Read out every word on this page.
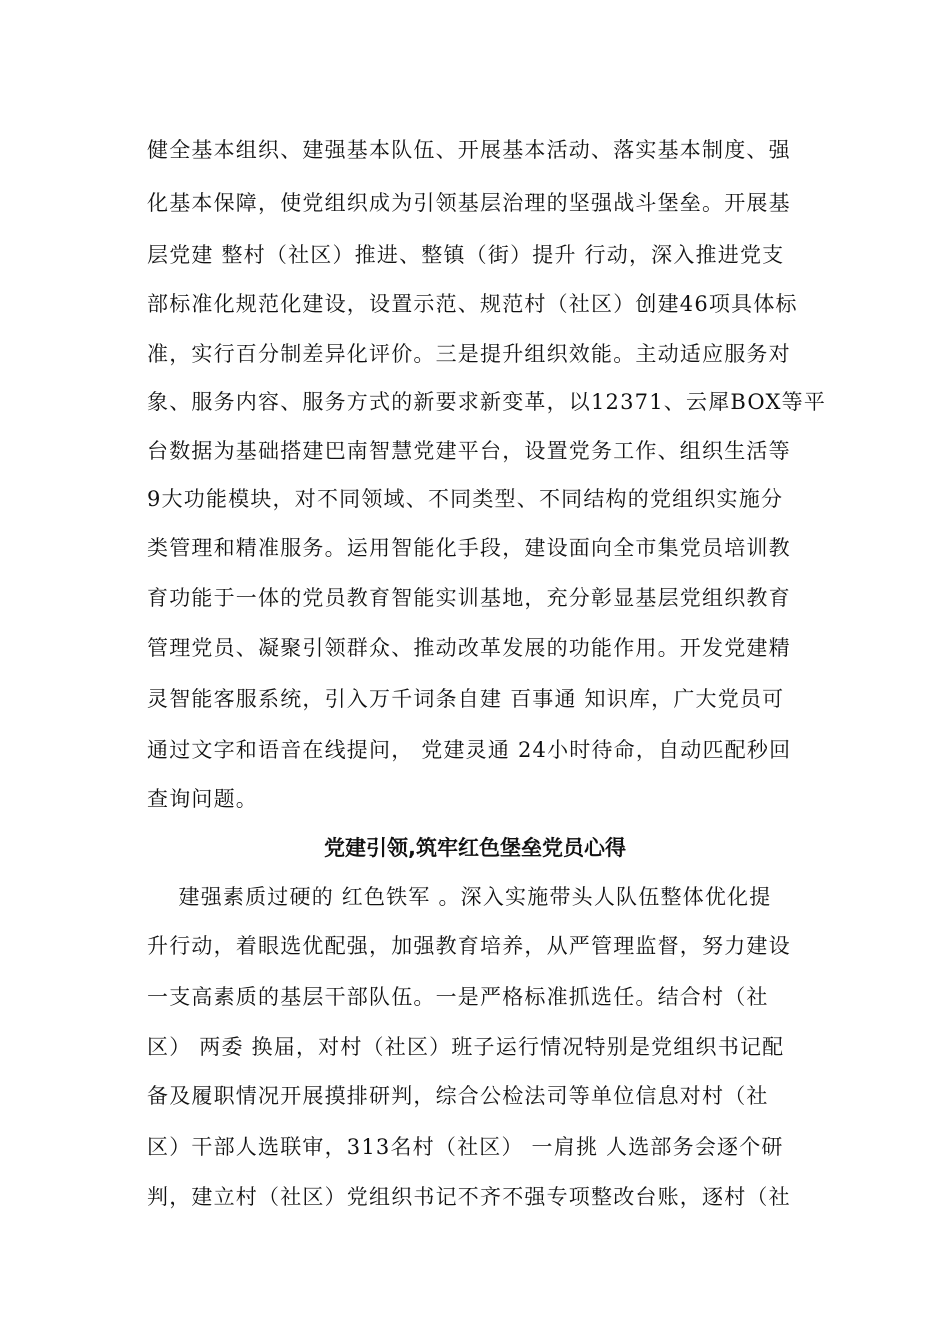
健全基本组织、建强基本队伍、开展基本活动、落实基本制度、强
化基本保障，使党组织成为引领基层治理的坚强战斗堡垒。开展基
层党建 整村（社区）推进、整镇（街）提升 行动，深入推进党支
部标准化规范化建设，设置示范、规范村（社区）创建46项具体标
准，实行百分制差异化评价。三是提升组织效能。主动适应服务对
象、服务内容、服务方式的新要求新变革，以12371、云犀BOX等平
台数据为基础搭建巴南智慧党建平台，设置党务工作、组织生活等
9大功能模块，对不同领域、不同类型、不同结构的党组织实施分
类管理和精准服务。运用智能化手段，建设面向全市集党员培训教
育功能于一体的党员教育智能实训基地，充分彰显基层党组织教育
管理党员、凝聚引领群众、推动改革发展的功能作用。开发党建精
灵智能客服系统，引入万千词条自建 百事通 知识库，广大党员可
通过文字和语音在线提问， 党建灵通 24小时待命，自动匹配秒回
查询问题。
党建引领,筑牢红色堡垒党员心得
建强素质过硬的 红色铁军 。深入实施带头人队伍整体优化提
升行动，着眼选优配强，加强教育培养，从严管理监督，努力建设
一支高素质的基层干部队伍。一是严格标准抓选任。结合村（社
区） 两委 换届，对村（社区）班子运行情况特别是党组织书记配
备及履职情况开展摸排研判，综合公检法司等单位信息对村（社
区）干部人选联审，313名村（社区） 一肩挑 人选部务会逐个研
判，建立村（社区）党组织书记不齐不强专项整改台账，逐村（社
